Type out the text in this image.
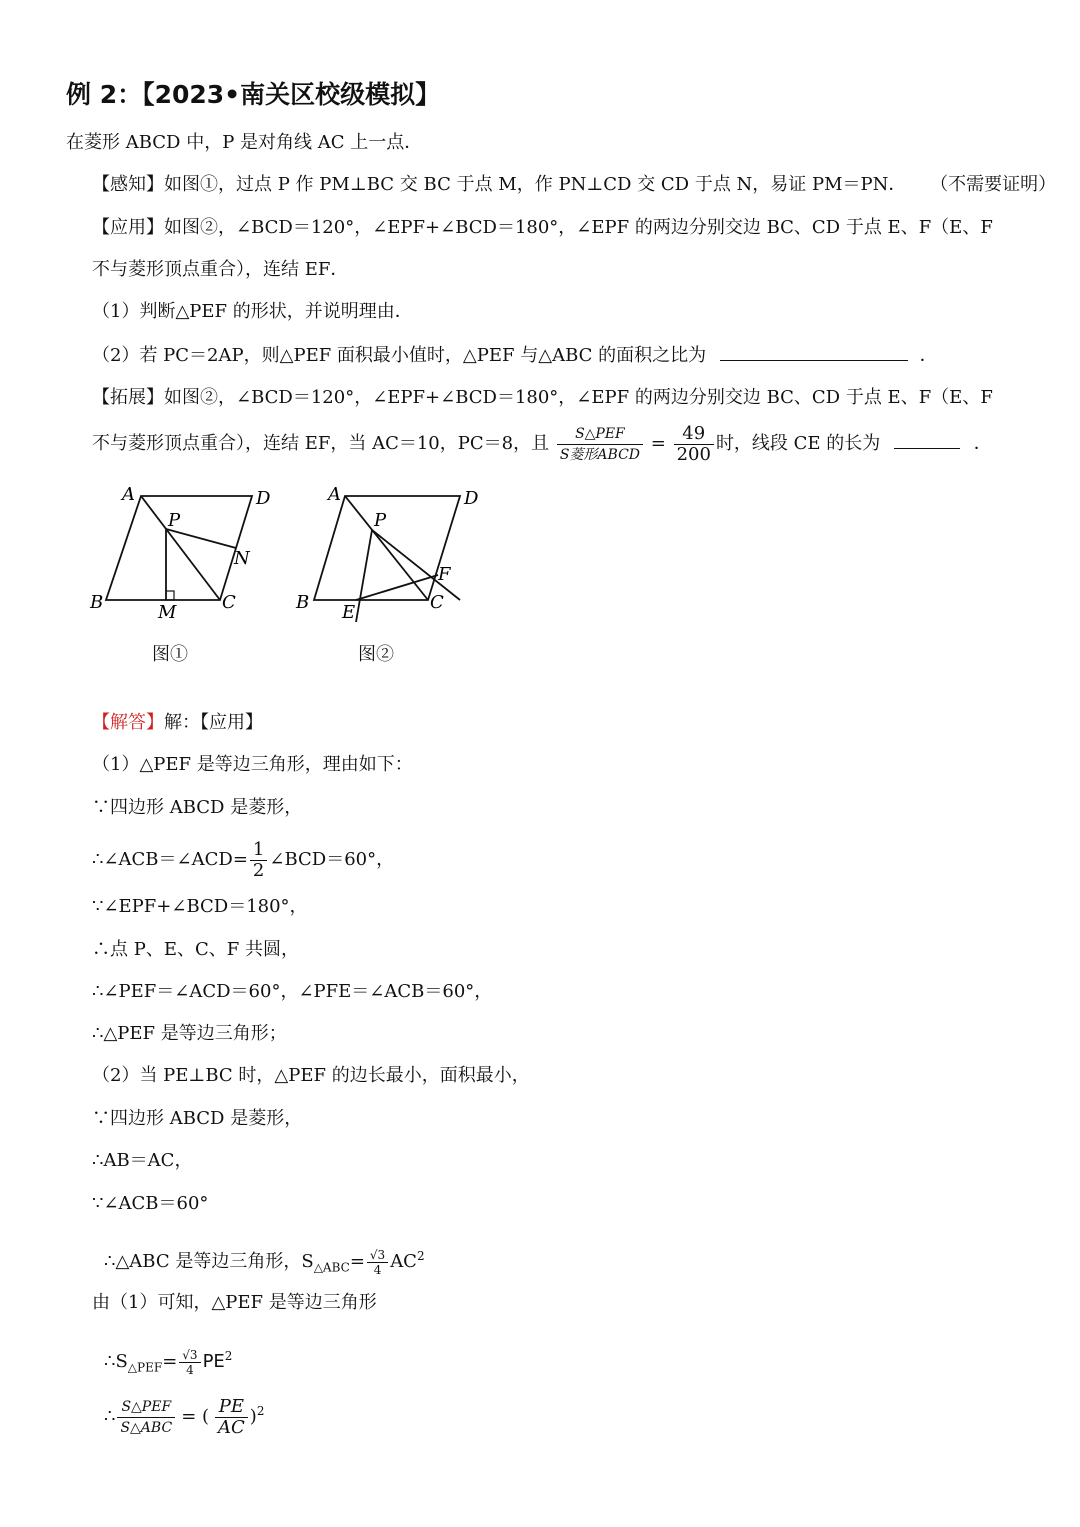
例 2：【2023•南关区校级模拟】
在菱形 ABCD 中，P 是对角线 AC 上一点．
【感知】如图①，过点 P 作 PM⊥BC 交 BC 于点 M，作 PN⊥CD 交 CD 于点 N，易证 PM＝PN． （不需要证明）
【应用】如图②，∠BCD＝120°，∠EPF+∠BCD＝180°，∠EPF 的两边分别交边 BC、CD 于点 E、F（E、F
不与菱形顶点重合），连结 EF．
（1）判断△PEF 的形状，并说明理由．
（2）若 PC＝2AP，则△PEF 面积最小值时，△PEF 与△ABC 的面积之比为	．
【拓展】如图②，∠BCD＝120°，∠EPF+∠BCD＝180°，∠EPF 的两边分别交边 BC、CD 于点 E、F（E、F
不与菱形顶点重合），连结 EF，当 AC＝10，PC＝8，且 $\frac{\text{S△PEF}}{\text{S菱形ABCD}} = \frac{49}{200}$ 时，线段 CE 的长为	．
A	D
P
N
B	M	C
图①
A	D
P
F
B E	C
图②
【解答】解：【应用】
（1）△PEF 是等边三角形，理由如下：
∵四边形 ABCD 是菱形，
∴∠ACB＝∠ACD= $\frac{1}{2}$ ∠BCD＝60°，
∵∠EPF+∠BCD＝180°，
∴点 P、E、C、F 共圆，
∴∠PEF＝∠ACD＝60°，∠PFE＝∠ACB＝60°，
∴△PEF 是等边三角形；
（2）当 PE⊥BC 时，△PEF 的边长最小，面积最小，
∵四边形 ABCD 是菱形，
∴AB＝AC，
∵∠ACB＝60°
∴△ABC 是等边三角形，$S_{\triangle ABC}= \frac{√3}{4} AC^2$
由（1）可知，△PEF 是等边三角形
$\therefore S_{\triangle PEF}= \frac{√3}{4} PE^2$
∴ $\frac{\text{S△PEF}}{\text{S△ABC}}$ = ( $\frac{PE}{AC} )^2$
